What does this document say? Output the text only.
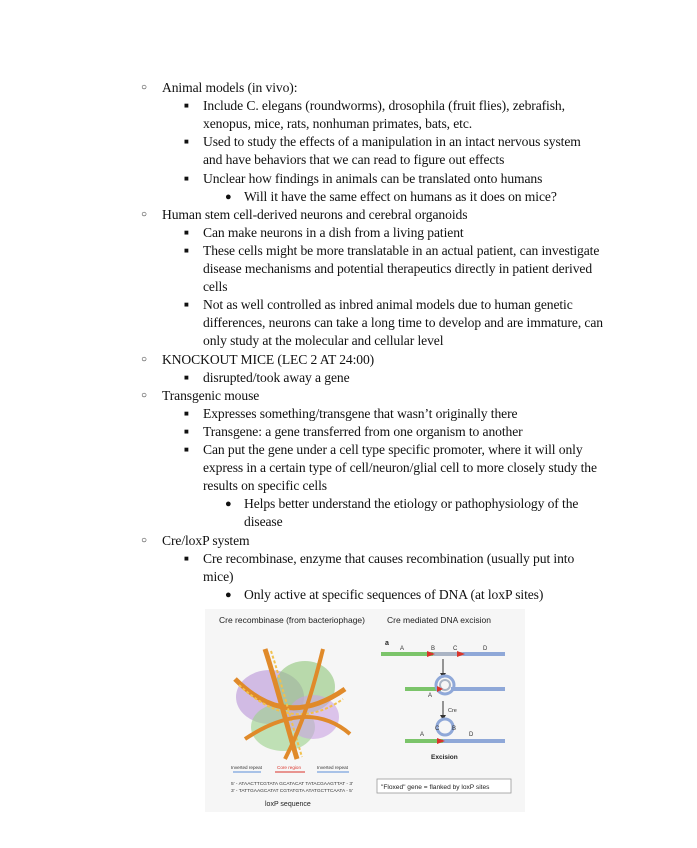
○ Animal models (in vivo):
■ Include C. elegans (roundworms), drosophila (fruit flies), zebrafish,
xenopus, mice, rats, nonhuman primates, bats, etc.
■ Used to study the effects of a manipulation in an intact nervous system
and have behaviors that we can read to figure out effects
■ Unclear how findings in animals can be translated onto humans
● Will it have the same effect on humans as it does on mice?
○ Human stem cell-derived neurons and cerebral organoids
■ Can make neurons in a dish from a living patient
■ These cells might be more translatable in an actual patient, can investigate
disease mechanisms and potential therapeutics directly in patient derived
cells
■ Not as well controlled as inbred animal models due to human genetic
differences, neurons can take a long time to develop and are immature, can
only study at the molecular and cellular level
○ KNOCKOUT MICE (LEC 2 AT 24:00)
■ disrupted/took away a gene
○ Transgenic mouse
■ Expresses something/transgene that wasn’t originally there
■ Transgene: a gene transferred from one organism to another
■ Can put the gene under a cell type specific promoter, where it will only
express in a certain type of cell/neuron/glial cell to more closely study the
results on specific cells
● Helps better understand the etiology or pathophysiology of the
disease
○ Cre/loxP system
■ Cre recombinase, enzyme that causes recombination (usually put into
mice)
● Only active at specific sequences of DNA (at loxP sites)
Cre recombinase (from bacteriophage)	Cre mediated DNA excision
a
A	B	C	D
A
Cre
C B
A	D
Excision
Inverted repeat	Core region	Inverted repeat
5' - ATAACTTCGTATA GCATACAT TATACGAAGTTAT - 3'
3' - TATTGAAGCATAT CGTATGTA ATATGCTTCAATA - 5'
loxP sequence
"Floxed" gene = flanked by loxP sites
